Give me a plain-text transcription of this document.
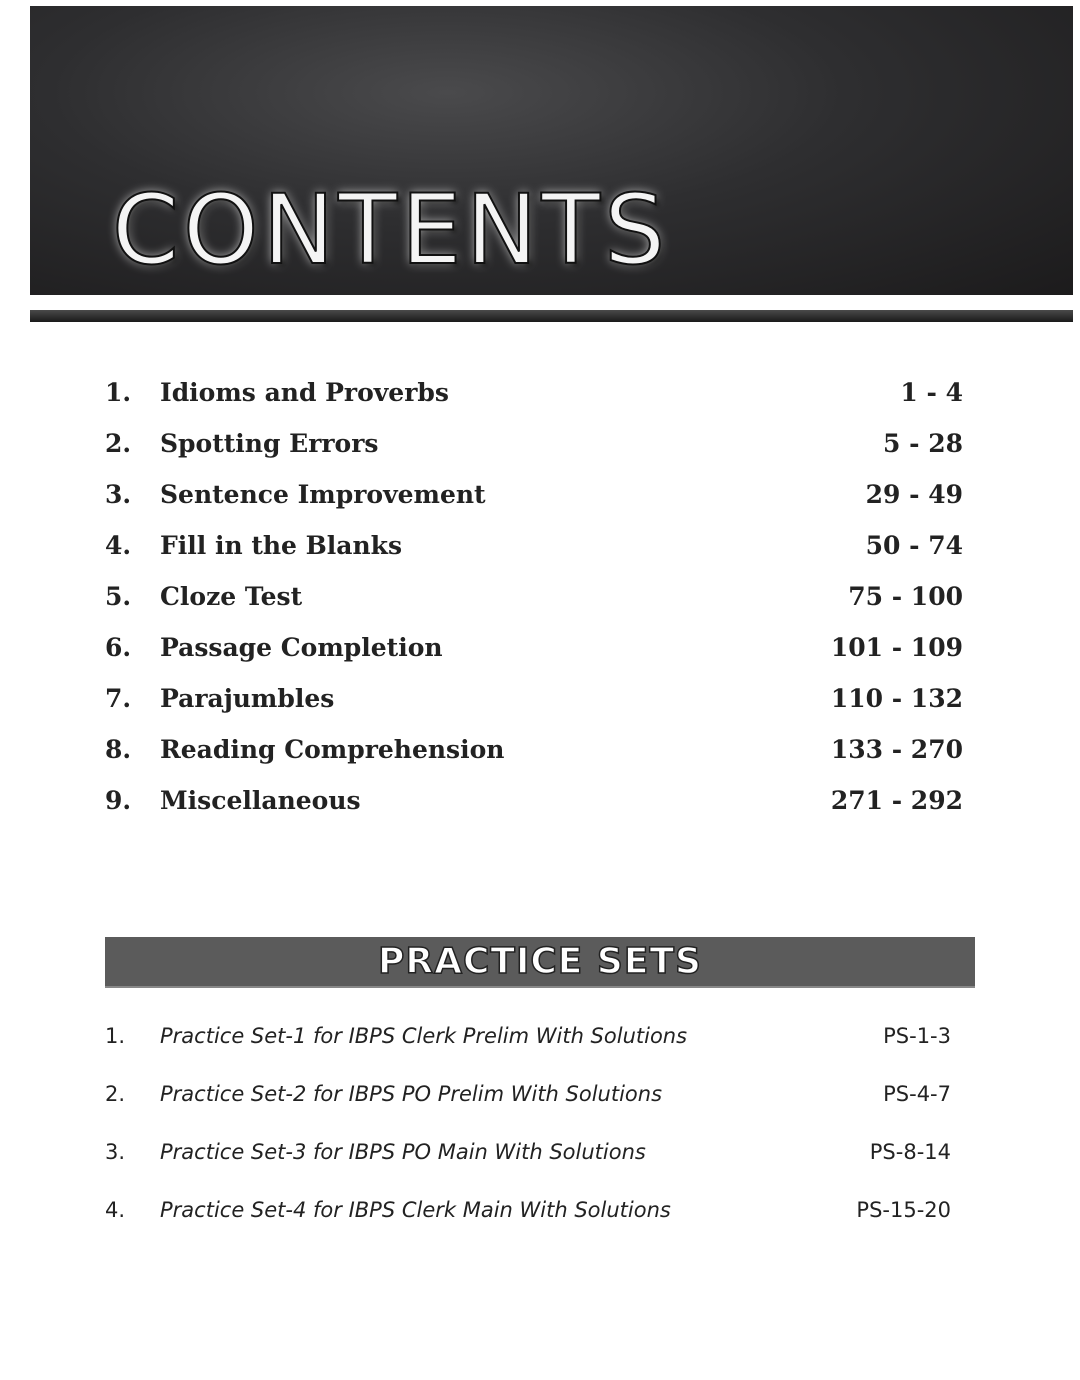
CONTENTS
1. Idioms and Proverbs	1 - 4
2. Spotting Errors	5 - 28
3. Sentence Improvement	29 - 49
4. Fill in the Blanks	50 - 74
5. Cloze Test	75 - 100
6. Passage Completion	101 - 109
7. Parajumbles	110 - 132
8. Reading Comprehension	133 - 270
9. Miscellaneous	271 - 292
PRACTICE SETS
1. Practice Set-1 for IBPS Clerk Prelim With Solutions	PS-1-3
2. Practice Set-2 for IBPS PO Prelim With Solutions	PS-4-7
3. Practice Set-3 for IBPS PO Main With Solutions	PS-8-14
4. Practice Set-4 for IBPS Clerk Main With Solutions	PS-15-20
